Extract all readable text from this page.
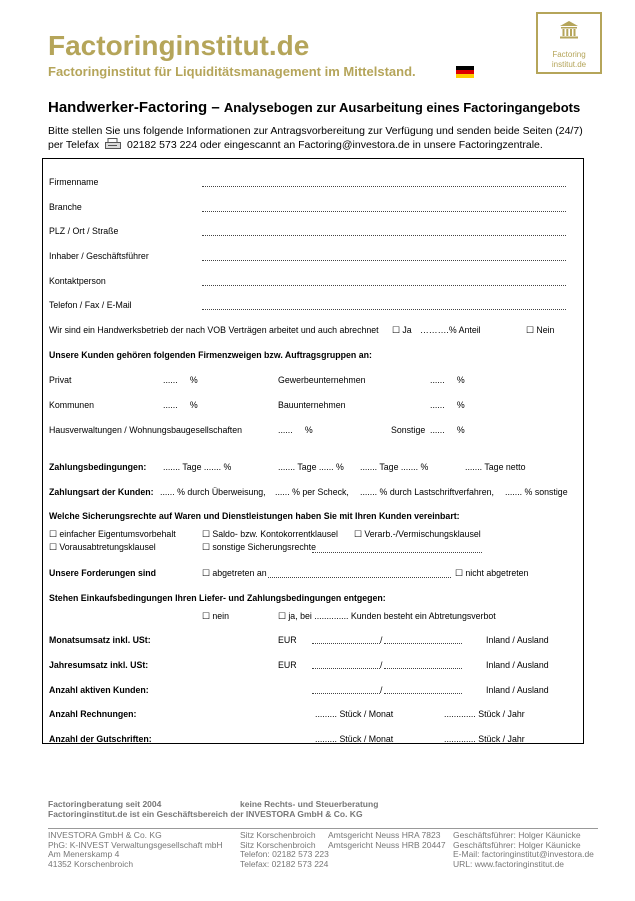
Factoringinstitut.de
Factoringinstitut für Liquiditätsmanagement im Mittelstand.
Factoring
institut.de
Handwerker-Factoring – Analysebogen zur Ausarbeitung eines Factoringangebots
Bitte stellen Sie uns folgende Informationen zur Antragsvorbereitung zur Verfügung und senden beide Seiten (24/7)
per Telefax	02182 573 224 oder eingescannt an Factoring@investora.de in unsere Factoringzentrale.
Firmenname
Branche
PLZ / Ort / Straße
Inhaber / Geschäftsführer
Kontaktperson
Telefon / Fax / E-Mail
Wir sind ein Handwerksbetrieb der nach VOB Verträgen arbeitet und auch abrechnet ☐ Ja ……….% Anteil	☐ Nein
Unsere Kunden gehören folgenden Firmenzweigen bzw. Auftragsgruppen an:
Privat	...... %	Gewerbeunternehmen	...... %
Kommunen	...... %	Bauunternehmen	...... %
Hausverwaltungen / Wohnungsbaugesellschaften	...... %	Sonstige ...... %
Zahlungsbedingungen: ....... Tage ....... %	....... Tage ...... % ....... Tage ....... %	....... Tage netto
Zahlungsart der Kunden: ...... % durch Überweisung, ...... % per Scheck, ....... % durch Lastschriftverfahren, ....... % sonstige
Welche Sicherungsrechte auf Waren und Dienstleistungen haben Sie mit Ihren Kunden vereinbart:
☐ einfacher Eigentumsvorbehalt	☐ Saldo- bzw. Kontokorrentklausel ☐ Verarb.-/Vermischungsklausel
☐ Vorausabtretungsklausel	☐ sonstige Sicherungsrechte
Unsere Forderungen sind	☐ abgetreten an	☐ nicht abgetreten
Stehen Einkaufsbedingungen Ihren Liefer- und Zahlungsbedingungen entgegen:
☐ nein	☐ ja, bei .............. Kunden besteht ein Abtretungsverbot
Monatsumsatz inkl. USt:	EUR	/	Inland / Ausland
Jahresumsatz inkl. USt:	EUR	/	Inland / Ausland
Anzahl aktiven Kunden:	/	Inland / Ausland
Anzahl Rechnungen:	......... Stück / Monat	............. Stück / Jahr
Anzahl der Gutschriften:	......... Stück / Monat	............. Stück / Jahr
Factoringberatung seit 2004	keine Rechts- und Steuerberatung
Factoringinstitut.de ist ein Geschäftsbereich der INVESTORA GmbH & Co. KG
INVESTORA GmbH & Co. KG
PhG: K-INVEST Verwaltungsgesellschaft mbH
Am Menerskamp 4
41352 Korschenbroich
Sitz Korschenbroich
Sitz Korschenbroich
Telefon: 02182 573 223
Telefax: 02182 573 224
Amtsgericht Neuss HRA 7823
Amtsgericht Neuss HRB 20447
Geschäftsführer: Holger Käunicke
Geschäftsführer: Holger Käunicke
E-Mail: factoringinstitut@investora.de
URL: www.factoringinstitut.de
